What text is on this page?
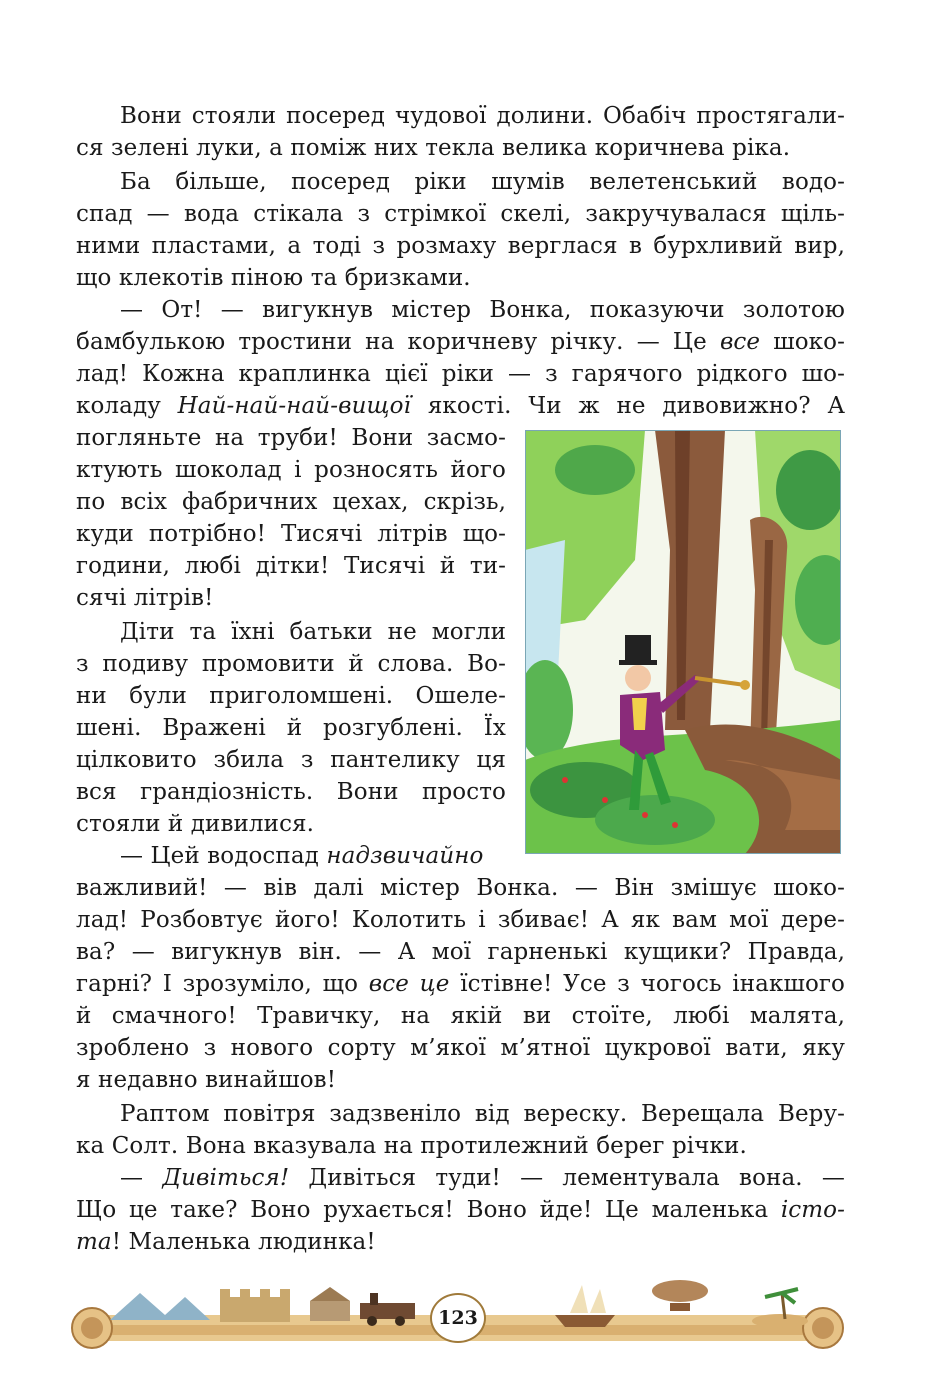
Вони стояли посеред чудової долини. Обабіч простягали-
ся зелені луки, а поміж них текла велика коричнева ріка.
Ба більше, посеред ріки шумів велетенський водо-
спад — вода стікала з стрімкої скелі, закручувалася щіль-
ними пластами, а тоді з розмаху верглася в бурхливий вир,
що клекотів піною та бризками.
— От! — вигукнув містер Вонка, показуючи золотою
бамбулькою тростини на коричневу річку. — Це все шоко-
лад! Кожна краплинка цієї ріки — з гарячого рідкого шо-
коладу Най-най-най-вищої якості. Чи ж не дивовижно? А
погляньте на труби! Вони засмо-
ктують шоколад і розносять його
по всіх фабричних цехах, скрізь,
куди потрібно! Тисячі літрів що-
години, любі дітки! Тисячі й ти-
сячі літрів!
Діти та їхні батьки не могли
з подиву промовити й слова. Во-
ни були приголомшені. Ошеле-
шені. Вражені й розгублені. Їх
цілковито збила з пантелику ця
вся грандіозність. Вони просто
стояли й дивилися.
— Цей водоспад надзвичайно
важливий! — вів далі містер Вонка. — Він змішує шоко-
лад! Розбовтує його! Колотить і збиває! А як вам мої дере-
ва? — вигукнув він. — А мої гарненькі кущики? Правда,
гарні? І зрозуміло, що все це їстівне! Усе з чогось інакшого
й смачного! Травичку, на якій ви стоїте, любі малята,
зроблено з нового сорту м’якої м’ятної цукрової вати, яку
я недавно винайшов!
Раптом повітря задзвеніло від вереску. Верещала Веру-
ка Солт. Вона вказувала на протилежний берег річки.
— Дивіться! Дивіться туди! — лементувала вона. —
Що це таке? Воно рухається! Воно йде! Це маленька істо-
та! Маленька людинка!
123
